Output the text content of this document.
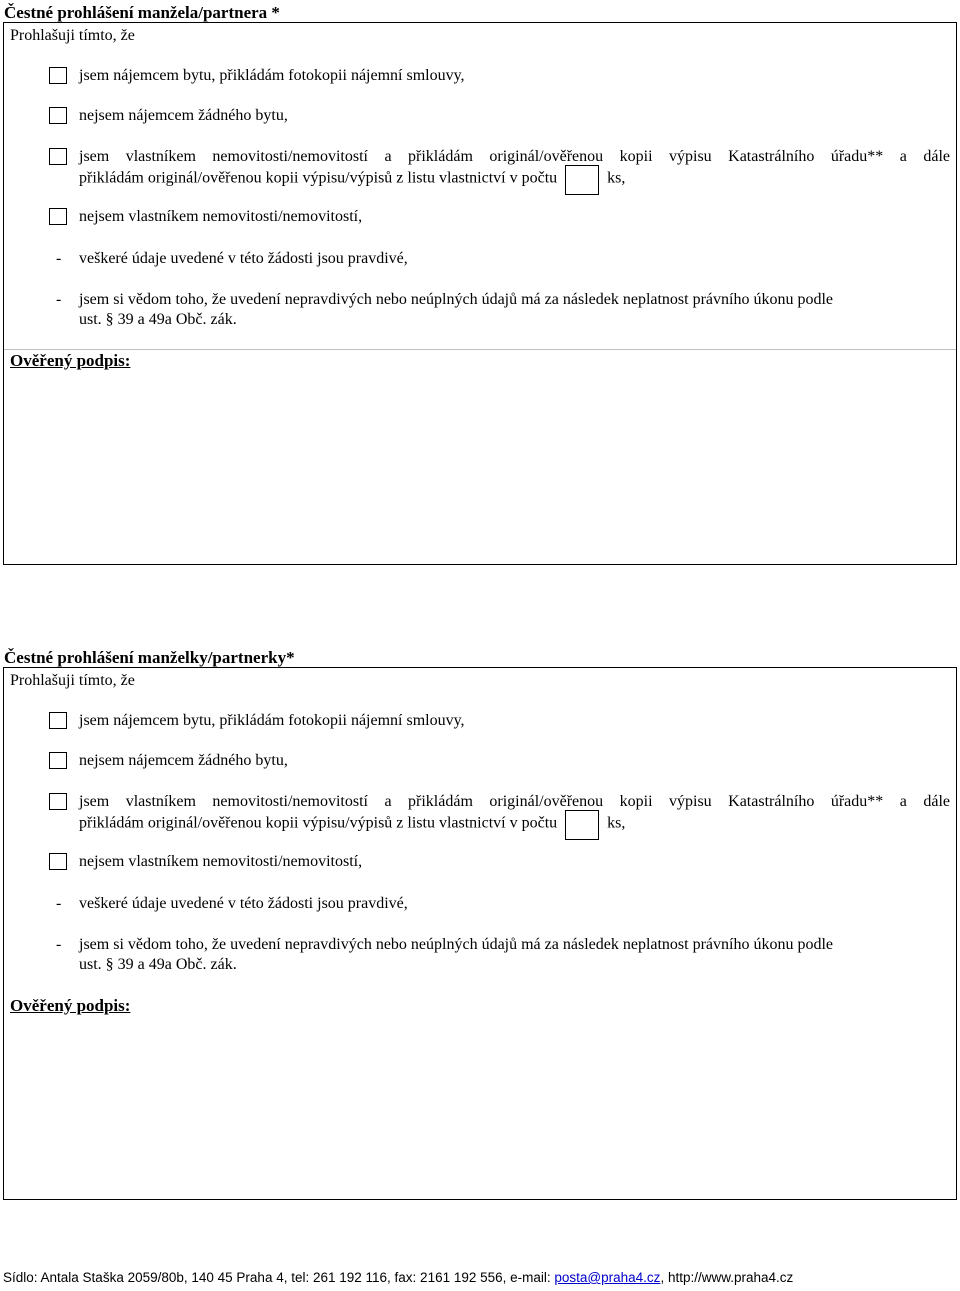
Čestné prohlášení manžela/partnera *
Prohlašuji tímto, že
jsem nájemcem bytu, přikládám fotokopii nájemní smlouvy,
nejsem nájemcem žádného bytu,
jsem vlastníkem nemovitosti/nemovitostí a přikládám originál/ověřenou kopii výpisu Katastrálního úřadu** a dále
přikládám originál/ověřenou kopii výpisu/výpisů z listu vlastnictví v počtu	ks,
nejsem vlastníkem nemovitosti/nemovitostí,
- veškeré údaje uvedené v této žádosti jsou pravdivé,
- jsem si vědom toho, že uvedení nepravdivých nebo neúplných údajů má za následek neplatnost právního úkonu podle
ust. § 39 a 49a Obč. zák.
Ověřený podpis:
Čestné prohlášení manželky/partnerky*
Prohlašuji tímto, že
jsem nájemcem bytu, přikládám fotokopii nájemní smlouvy,
nejsem nájemcem žádného bytu,
jsem vlastníkem nemovitosti/nemovitostí a přikládám originál/ověřenou kopii výpisu Katastrálního úřadu** a dále
přikládám originál/ověřenou kopii výpisu/výpisů z listu vlastnictví v počtu	ks,
nejsem vlastníkem nemovitosti/nemovitostí,
- veškeré údaje uvedené v této žádosti jsou pravdivé,
- jsem si vědom toho, že uvedení nepravdivých nebo neúplných údajů má za následek neplatnost právního úkonu podle
ust. § 39 a 49a Obč. zák.
Ověřený podpis:
Sídlo: Antala Staška 2059/80b, 140 45 Praha 4, tel: 261 192 116, fax: 2161 192 556, e-mail: posta@praha4.cz, http://www.praha4.cz
